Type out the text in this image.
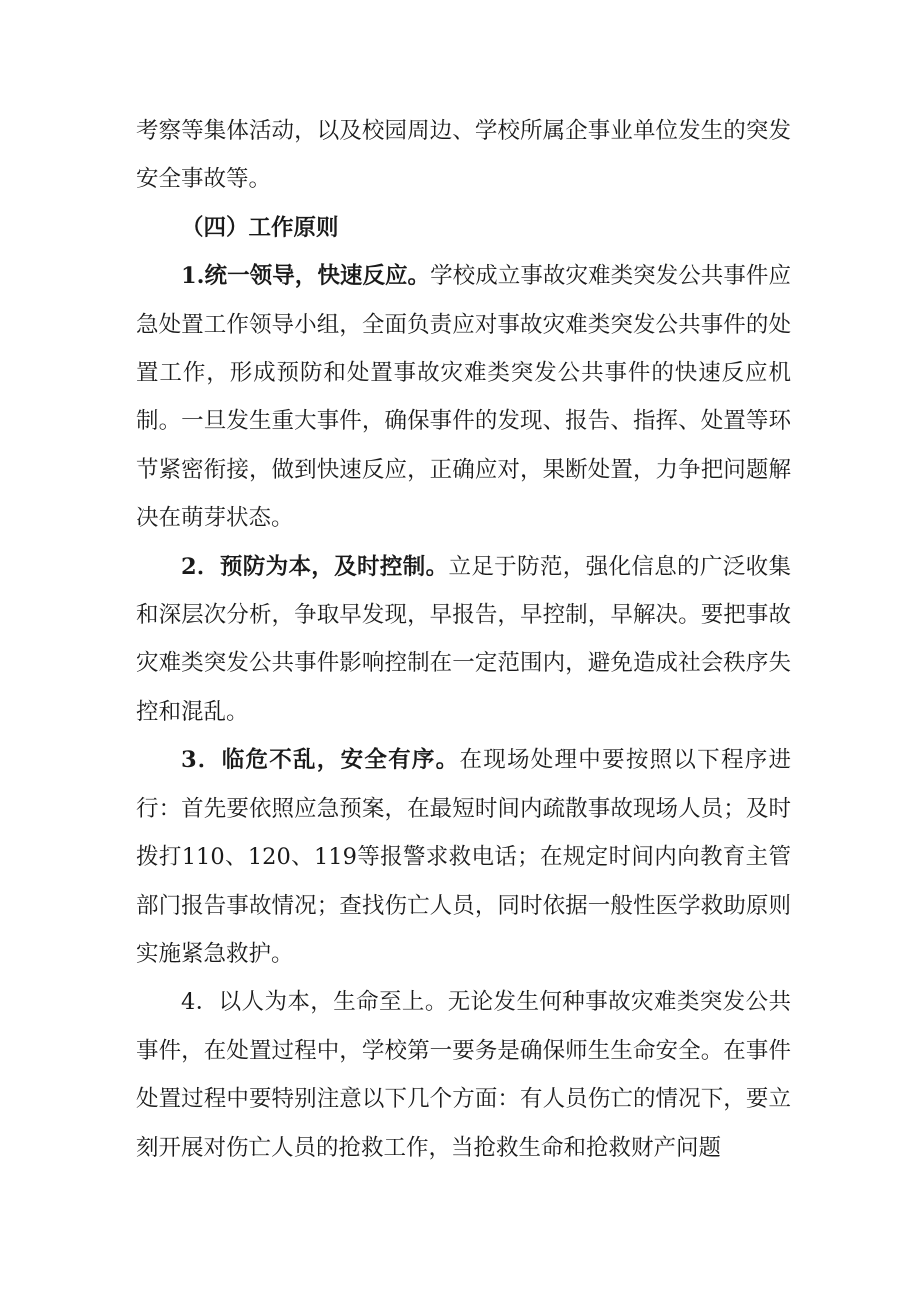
考察等集体活动，以及校园周边、学校所属企事业单位发生的突发安全事故等。

（四）工作原则

1.统一领导，快速反应。学校成立事故灾难类突发公共事件应急处置工作领导小组，全面负责应对事故灾难类突发公共事件的处置工作，形成预防和处置事故灾难类突发公共事件的快速反应机制。一旦发生重大事件，确保事件的发现、报告、指挥、处置等环节紧密衔接，做到快速反应，正确应对，果断处置，力争把问题解决在萌芽状态。

2．预防为本，及时控制。立足于防范，强化信息的广泛收集和深层次分析，争取早发现，早报告，早控制，早解决。要把事故灾难类突发公共事件影响控制在一定范围内，避免造成社会秩序失控和混乱。

3．临危不乱，安全有序。在现场处理中要按照以下程序进行：首先要依照应急预案，在最短时间内疏散事故现场人员；及时拨打110、120、119等报警求救电话；在规定时间内向教育主管部门报告事故情况；查找伤亡人员，同时依据一般性医学救助原则实施紧急救护。

4．以人为本，生命至上。无论发生何种事故灾难类突发公共事件，在处置过程中，学校第一要务是确保师生生命安全。在事件处置过程中要特别注意以下几个方面：有人员伤亡的情况下，要立刻开展对伤亡人员的抢救工作，当抢救生命和抢救财产问题
